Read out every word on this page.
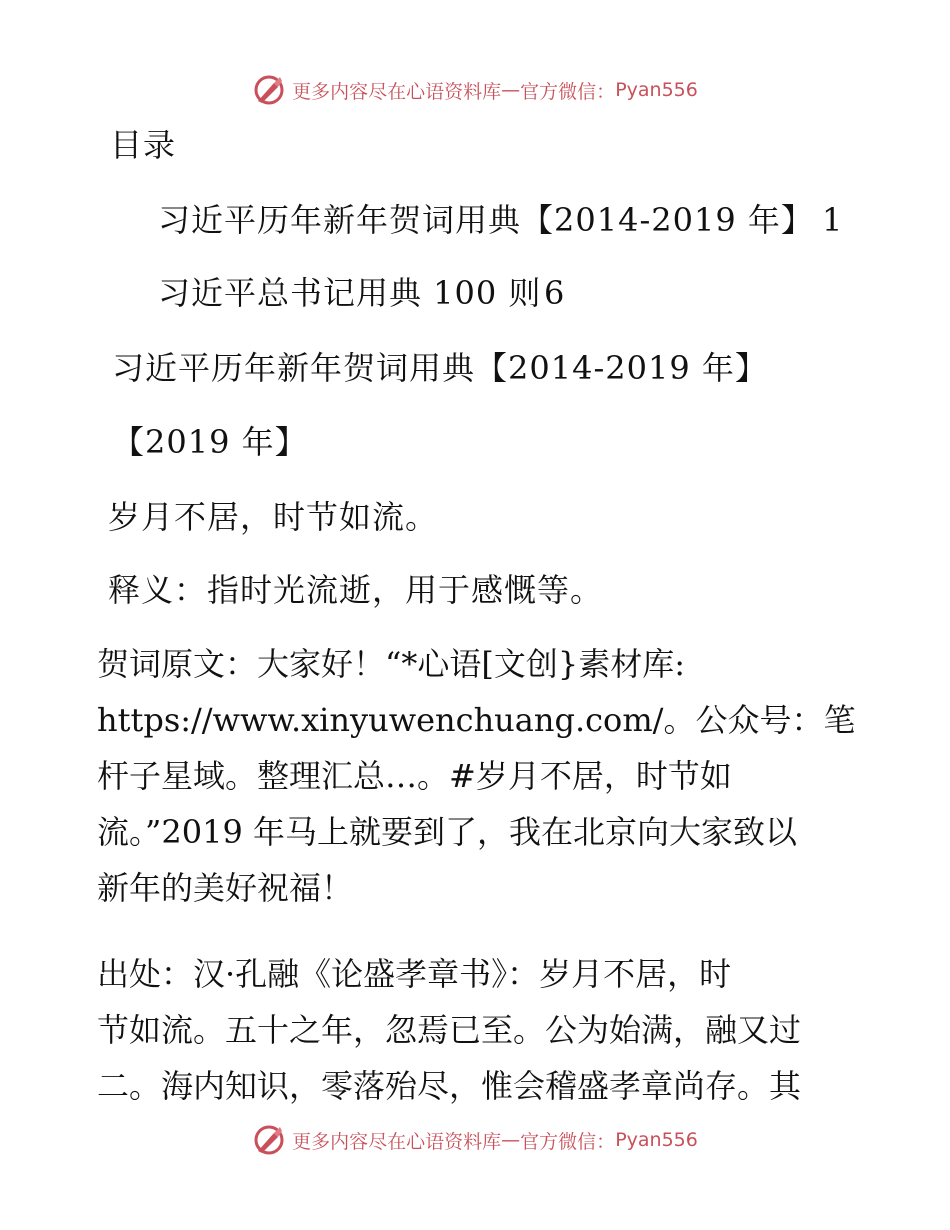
更多内容尽在心语资料库 — 官方微信： Pyan556
目录
习近平历年新年贺词用典【2014-2019 年】 1
习近平总书记用典 100 则 6
习近平历年新年贺词用典【2014-2019 年】
【2019 年】
岁月不居，时节如流。
释义：指时光流逝，用于感慨等。
贺词原文：大家好！“*心语[文创}素材库:
https://www.xinyuwenchuang.com/。公众号：笔
杆子星域。整理汇总…。#岁月不居，时节如
流。”2019 年马上就要到了，我在北京向大家致以
新年的美好祝福！
出处：汉·孔融《论盛孝章书》：岁月不居，时
节如流。五十之年，忽焉已至。公为始满，融又过
二。海内知识，零落殆尽，惟会稽盛孝章尚存。其
更多内容尽在心语资料库 — 官方微信： Pyan556
